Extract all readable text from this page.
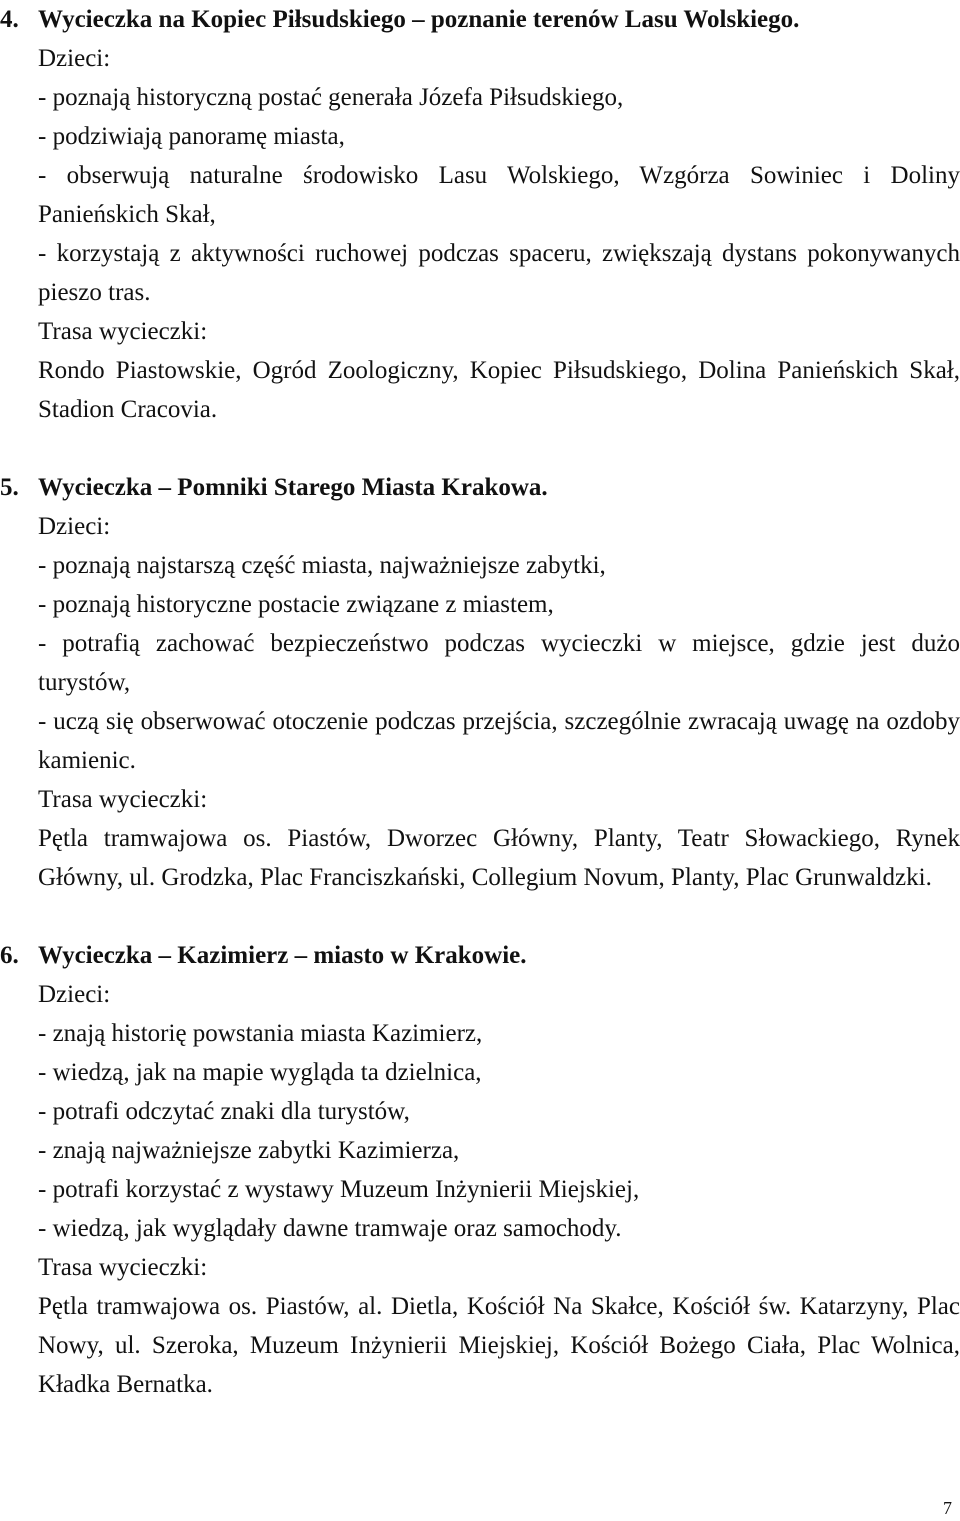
4. Wycieczka na Kopiec Piłsudskiego – poznanie terenów Lasu Wolskiego.

Dzieci:

- poznają historyczną postać generała Józefa Piłsudskiego,

- podziwiają panoramę miasta,

- obserwują naturalne środowisko Lasu Wolskiego, Wzgórza Sowiniec i Doliny Panieńskich Skał,

- korzystają z aktywności ruchowej podczas spaceru, zwiększają dystans pokonywanych pieszo tras.

Trasa wycieczki:

Rondo Piastowskie, Ogród Zoologiczny, Kopiec Piłsudskiego, Dolina Panieńskich Skał, Stadion Cracovia.

5. Wycieczka – Pomniki Starego Miasta Krakowa.

Dzieci:

- poznają najstarszą część miasta, najważniejsze zabytki,

- poznają historyczne postacie związane z miastem,

- potrafią zachować bezpieczeństwo podczas wycieczki w miejsce, gdzie jest dużo turystów,

- uczą się obserwować otoczenie podczas przejścia, szczególnie zwracają uwagę na ozdoby kamienic.

Trasa wycieczki:

Pętla tramwajowa os. Piastów, Dworzec Główny, Planty, Teatr Słowackiego, Rynek Główny, ul. Grodzka, Plac Franciszkański, Collegium Novum, Planty, Plac Grunwaldzki.

6. Wycieczka – Kazimierz – miasto w Krakowie.

Dzieci:

- znają historię powstania miasta Kazimierz,

- wiedzą, jak na mapie wygląda ta dzielnica,

- potrafi odczytać znaki dla turystów,

- znają najważniejsze zabytki Kazimierza,

- potrafi korzystać z wystawy Muzeum Inżynierii Miejskiej,

- wiedzą, jak wyglądały dawne tramwaje oraz samochody.

Trasa wycieczki:

Pętla tramwajowa os. Piastów, al. Dietla, Kościół Na Skałce, Kościół św. Katarzyny, Plac Nowy, ul. Szeroka, Muzeum Inżynierii Miejskiej, Kościół Bożego Ciała, Plac Wolnica, Kładka Bernatka.

7
